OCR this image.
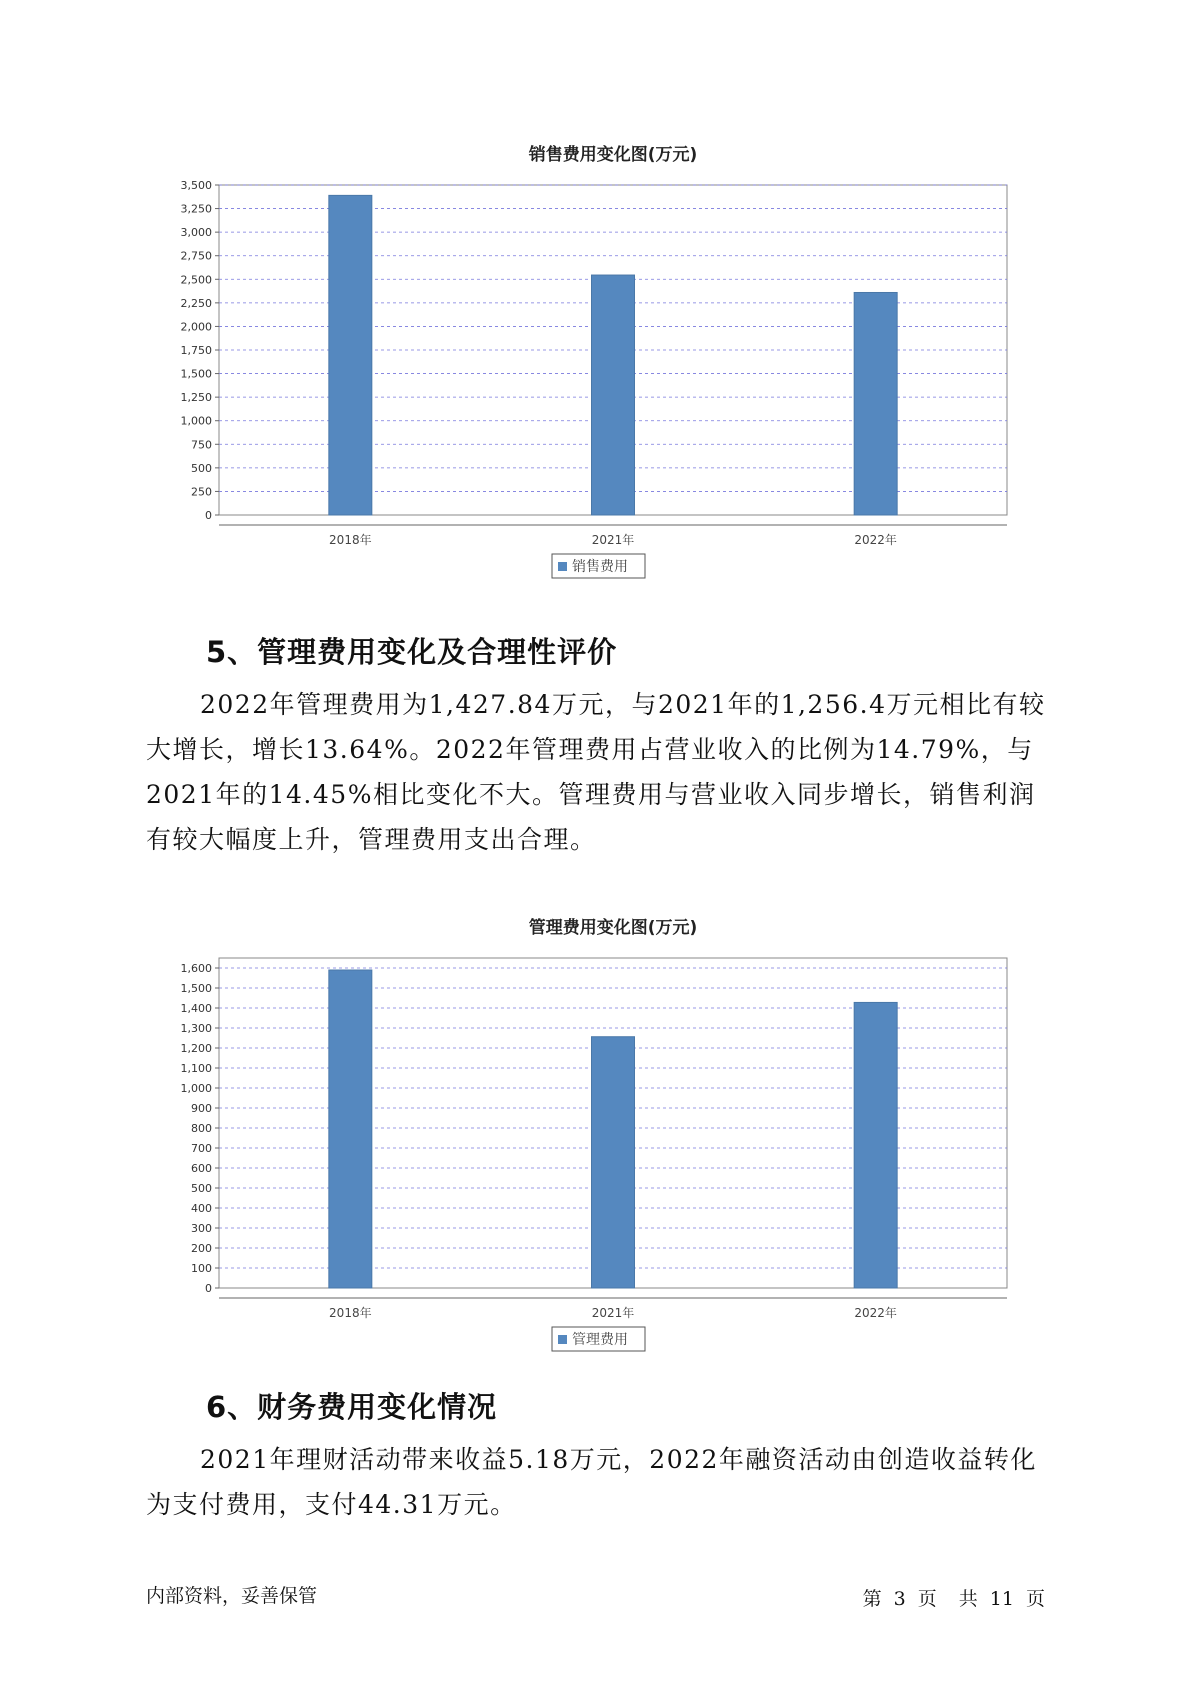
销售费用变化图(万元)
0
250
500
750
1,000
1,250
1,500
1,750
2,000
2,250
2,500
2,750
3,000
3,250
3,500
2018年	2021年	2022年
销售费用
5、管理费用变化及合理性评价

2022年管理费用为1,427.84万元，与2021年的1,256.4万元相比有较大增长，增长13.64%。2022年管理费用占营业收入的比例为14.79%，与2021年的14.45%相比变化不大。管理费用与营业收入同步增长，销售利润有较大幅度上升，管理费用支出合理。

管理费用变化图(万元)
0
100
200
300
400
500
600
700
800
900
1,000
1,100
1,200
1,300
1,400
1,500
1,600
2018年	2021年	2022年
管理费用
6、财务费用变化情况

2021年理财活动带来收益5.18万元，2022年融资活动由创造收益转化为支付费用，支付44.31万元。

内部资料，妥善保管	第 3 页 共 11 页
